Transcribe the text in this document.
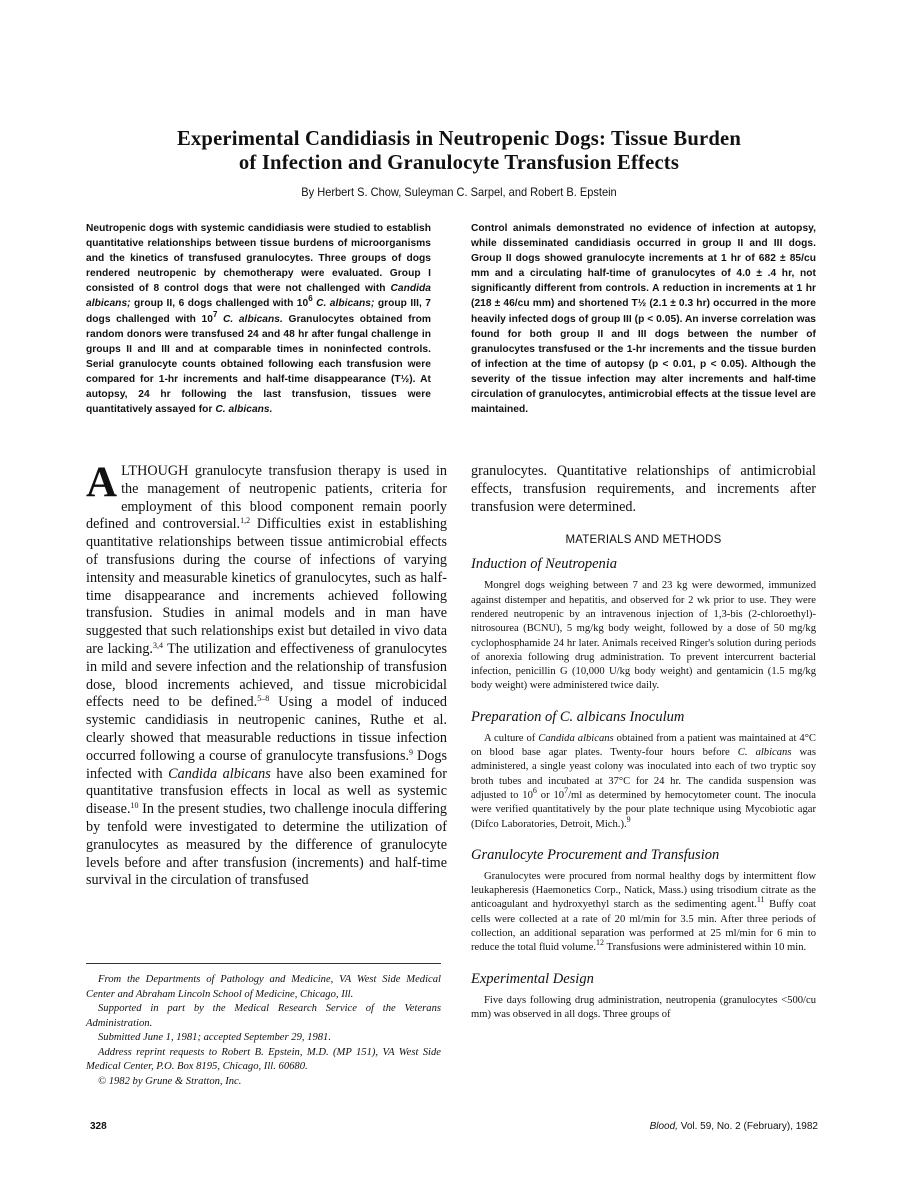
Experimental Candidiasis in Neutropenic Dogs: Tissue Burden
of Infection and Granulocyte Transfusion Effects
By Herbert S. Chow, Suleyman C. Sarpel, and Robert B. Epstein

Neutropenic dogs with systemic candidiasis were studied to establish quantitative relationships between tissue burdens of microorganisms and the kinetics of transfused granulocytes. Three groups of dogs rendered neutropenic by chemotherapy were evaluated. Group I consisted of 8 control dogs that were not challenged with Candida albicans; group II, 6 dogs challenged with $10^6$ C. albicans; group III, 7 dogs challenged with $10^7$ C. albicans. Granulocytes obtained from random donors were transfused 24 and 48 hr after fungal challenge in groups II and III and at comparable times in noninfected controls. Serial granulocyte counts obtained following each transfusion were compared for 1-hr increments and half-time disappearance (T½). At autopsy, 24 hr following the last transfusion, tissues were quantitatively assayed for C. albicans.

Control animals demonstrated no evidence of infection at autopsy, while disseminated candidiasis occurred in group II and III dogs. Group II dogs showed granulocyte increments at 1 hr of 682 ± 85/cu mm and a circulating half-time of granulocytes of 4.0 ± .4 hr, not significantly different from controls. A reduction in increments at 1 hr (218 ± 46/cu mm) and shortened T½ (2.1 ± 0.3 hr) occurred in the more heavily infected dogs of group III (p < 0.05). An inverse correlation was found for both group II and III dogs between the number of granulocytes transfused or the 1-hr increments and the tissue burden of infection at the time of autopsy (p < 0.01, p < 0.05). Although the severity of the tissue infection may alter increments and half-time circulation of granulocytes, antimicrobial effects at the tissue level are maintained.

ALTHOUGH granulocyte transfusion therapy is used in the management of neutropenic patients, criteria for employment of this blood component remain poorly defined and controversial.$^{1,2}$ Difficulties exist in establishing quantitative relationships between tissue antimicrobial effects of transfusions during the course of infections of varying intensity and measurable kinetics of granulocytes, such as half-time disappearance and increments achieved following transfusion. Studies in animal models and in man have suggested that such relationships exist but detailed in vivo data are lacking.$^{3,4}$ The utilization and effectiveness of granulocytes in mild and severe infection and the relationship of transfusion dose, blood increments achieved, and tissue microbicidal effects need to be defined.$^{5-8}$ Using a model of induced systemic candidiasis in neutropenic canines, Ruthe et al. clearly showed that measurable reductions in tissue infection occurred following a course of granulocyte transfusions.$^9$ Dogs infected with Candida albicans have also been examined for quantitative transfusion effects in local as well as systemic disease.$^{10}$ In the present studies, two challenge inocula differing by tenfold were investigated to determine the utilization of granulocytes as measured by the difference of granulocyte levels before and after transfusion (increments) and half-time survival in the circulation of transfused

From the Departments of Pathology and Medicine, VA West Side Medical Center and Abraham Lincoln School of Medicine, Chicago, Ill.

Supported in part by the Medical Research Service of the Veterans Administration.

Submitted June 1, 1981; accepted September 29, 1981.

Address reprint requests to Robert B. Epstein, M.D. (MP 151), VA West Side Medical Center, P.O. Box 8195, Chicago, Ill. 60680.

© 1982 by Grune & Stratton, Inc.

granulocytes. Quantitative relationships of antimicrobial effects, transfusion requirements, and increments after transfusion were determined.

MATERIALS AND METHODS
Induction of Neutropenia

Mongrel dogs weighing between 7 and 23 kg were dewormed, immunized against distemper and hepatitis, and observed for 2 wk prior to use. They were rendered neutropenic by an intravenous injection of 1,3-bis (2-chloroethyl)-nitrosourea (BCNU), 5 mg/kg body weight, followed by a dose of 50 mg/kg cyclophosphamide 24 hr later. Animals received Ringer's solution during periods of anorexia following drug administration. To prevent intercurrent bacterial infection, penicillin G (10,000 U/kg body weight) and gentamicin (1.5 mg/kg body weight) were administered twice daily.

Preparation of C. albicans Inoculum

A culture of Candida albicans obtained from a patient was maintained at 4°C on blood base agar plates. Twenty-four hours before C. albicans was administered, a single yeast colony was inoculated into each of two tryptic soy broth tubes and incubated at 37°C for 24 hr. The candida suspension was adjusted to $10^6$ or $10^7/ml$ as determined by hemocytometer count. The inocula were verified quantitatively by the pour plate technique using Mycobiotic agar (Difco Laboratories, Detroit, Mich.).$^9$

Granulocyte Procurement and Transfusion

Granulocytes were procured from normal healthy dogs by intermittent flow leukapheresis (Haemonetics Corp., Natick, Mass.) using trisodium citrate as the anticoagulant and hydroxyethyl starch as the sedimenting agent.$^{11}$ Buffy coat cells were collected at a rate of 20 ml/min for 3.5 min. After three periods of collection, an additional separation was performed at 25 ml/min for 6 min to reduce the total fluid volume.$^{12}$ Transfusions were administered within 10 min.

Experimental Design

Five days following drug administration, neutropenia (granulocytes <500/cu mm) was observed in all dogs. Three groups of

328	Blood, Vol. 59, No. 2 (February), 1982
